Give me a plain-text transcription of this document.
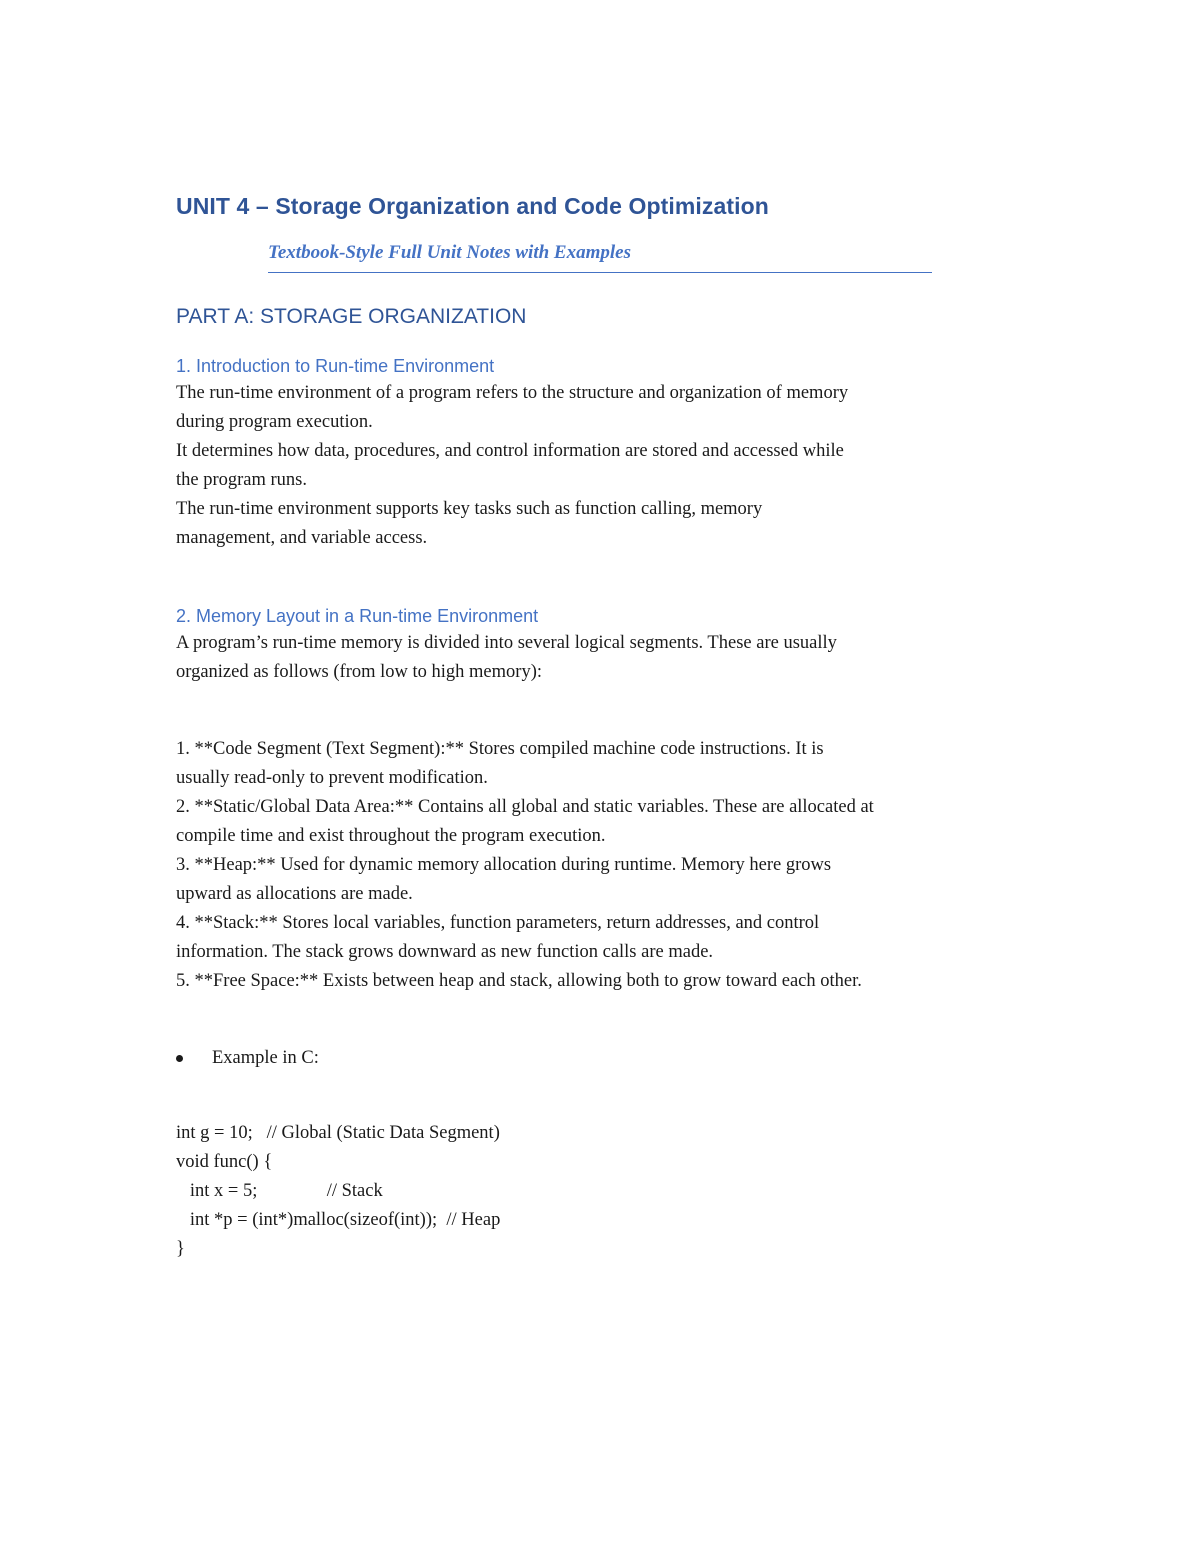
UNIT 4 – Storage Organization and Code Optimization
Textbook-Style Full Unit Notes with Examples
PART A: STORAGE ORGANIZATION
1. Introduction to Run-time Environment

The run-time environment of a program refers to the structure and organization of memory

during program execution.

It determines how data, procedures, and control information are stored and accessed while

the program runs.

The run-time environment supports key tasks such as function calling, memory

management, and variable access.

2. Memory Layout in a Run-time Environment

A program’s run-time memory is divided into several logical segments. These are usually

organized as follows (from low to high memory):

1. **Code Segment (Text Segment):** Stores compiled machine code instructions. It is

usually read-only to prevent modification.

2. **Static/Global Data Area:** Contains all global and static variables. These are allocated at

compile time and exist throughout the program execution.

3. **Heap:** Used for dynamic memory allocation during runtime. Memory here grows

upward as allocations are made.

4. **Stack:** Stores local variables, function parameters, return addresses, and control

information. The stack grows downward as new function calls are made.

5. **Free Space:** Exists between heap and stack, allowing both to grow toward each other.

Example in C:
int g = 10;   // Global (Static Data Segment)
void func() {
int x = 5;               // Stack
int *p = (int*)malloc(sizeof(int));  // Heap
}
